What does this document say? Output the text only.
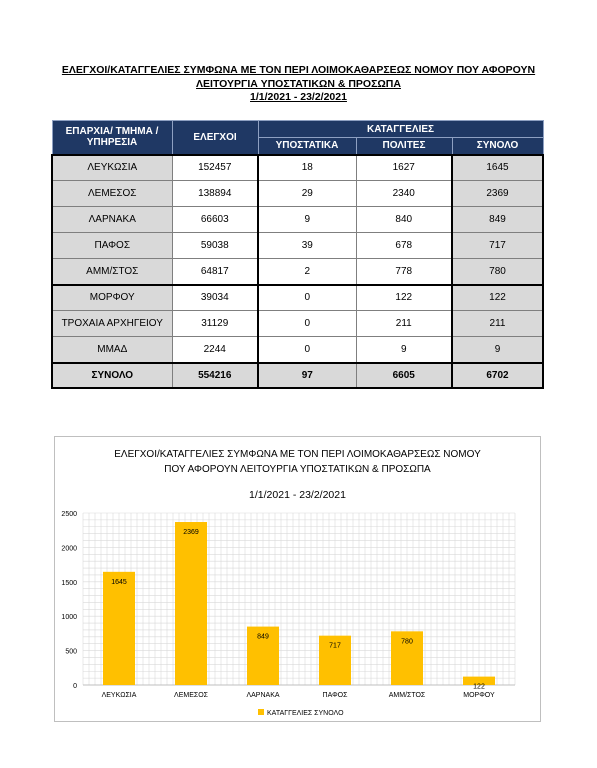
ΕΛΕΓΧΟΙ/ΚΑΤΑΓΓΕΛΙΕΣ ΣΥΜΦΩΝΑ ΜΕ ΤΟΝ ΠΕΡΙ ΛΟΙΜΟΚΑΘΑΡΣΕΩΣ ΝΟΜΟΥ ΠΟΥ ΑΦΟΡΟΥΝ
ΛΕΙΤΟΥΡΓΙΑ ΥΠΟΣΤΑΤΙΚΩΝ & ΠΡΟΣΩΠΑ
1/1/2021 - 23/2/2021
ΕΠΑΡΧΙΑ/ ΤΜΗΜΑ / ΥΠΗΡΕΣΙΑ	ΕΛΕΓΧΟΙ	ΚΑΤΑΓΓΕΛΙΕΣ		
		ΥΠΟΣΤΑΤΙΚΑ	ΠΟΛΙΤΕΣ	ΣΥΝΟΛΟ
ΛΕΥΚΩΣΙΑ	152457	18	1627	1645
ΛΕΜΕΣΟΣ	138894	29	2340	2369
ΛΑΡΝΑΚΑ	66603	9	840	849
ΠΑΦΟΣ	59038	39	678	717
ΑΜΜ/ΣΤΟΣ	64817	2	778	780
ΜΟΡΦΟΥ	39034	0	122	122
ΤΡΟΧΑΙΑ ΑΡΧΗΓΕΙΟΥ	31129	0	211	211
ΜΜΑΔ	2244	0	9	9
ΣΥΝΟΛΟ	554216	97	6605	6702
ΕΛΕΓΧΟΙ/ΚΑΤΑΓΓΕΛΙΕΣ ΣΥΜΦΩΝΑ ΜΕ ΤΟΝ ΠΕΡΙ ΛΟΙΜΟΚΑΘΑΡΣΕΩΣ ΝΟΜΟΥ
ΠΟΥ ΑΦΟΡΟΥΝ ΛΕΙΤΟΥΡΓΙΑ ΥΠΟΣΤΑΤΙΚΩΝ & ΠΡΟΣΩΠΑ
1/1/2021 - 23/2/2021
0
500
1000
1500
2000
2500
1645
ΛΕΥΚΩΣΙΑ
2369
ΛΕΜΕΣΟΣ
849
ΛΑΡΝΑΚΑ
717
ΠΑΦΟΣ
780
ΑΜΜ/ΣΤΟΣ
122
ΜΟΡΦΟΥ
ΚΑΤΑΓΓΕΛΙΕΣ ΣΥΝΟΛΟ
